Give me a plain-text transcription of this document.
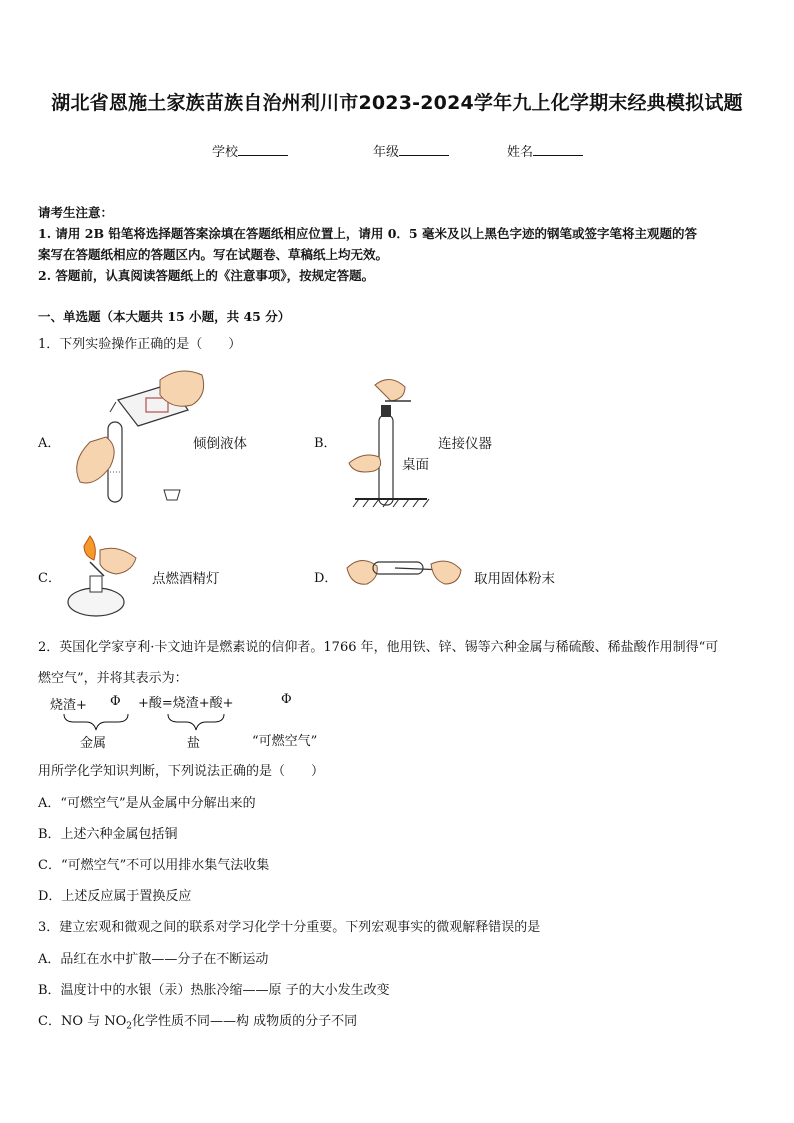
湖北省恩施土家族苗族自治州利川市2023-2024学年九上化学期末经典模拟试题
学校	年级	姓名
请考生注意：
1. 请用 2B 铅笔将选择题答案涂填在答题纸相应位置上，请用 0．5 毫米及以上黑色字迹的钢笔或签字笔将主观题的答
案写在答题纸相应的答题区内。写在试题卷、草稿纸上均无效。
2. 答题前，认真阅读答题纸上的《注意事项》，按规定答题。
一、单选题（本大题共 15 小题，共 45 分）
1．下列实验操作正确的是（　　）
A．	倾倒液体	B．	连接仪器
桌面
C．	点燃酒精灯	D．	取用固体粉末
2．英国化学家亨利·卡文迪许是燃素说的信仰者。1766 年，他用铁、锌、锡等六种金属与稀硫酸、稀盐酸作用制得“可
燃空气”，并将其表示为：
烧渣+ Φ +酸=烧渣+酸+	Φ
金属	盐	“可燃空气”
用所学化学知识判断，下列说法正确的是（　　）
A．“可燃空气”是从金属中分解出来的
B．上述六种金属包括铜
C．“可燃空气”不可以用排水集气法收集
D．上述反应属于置换反应
3．建立宏观和微观之间的联系对学习化学十分重要。下列宏观事实的微观解释错误的是
A．品红在水中扩散——分子在不断运动
B．温度计中的水银（汞）热胀冷缩——原 子的大小发生改变
C．NO 与 $NO_2$化学性质不同——构 成物质的分子不同
